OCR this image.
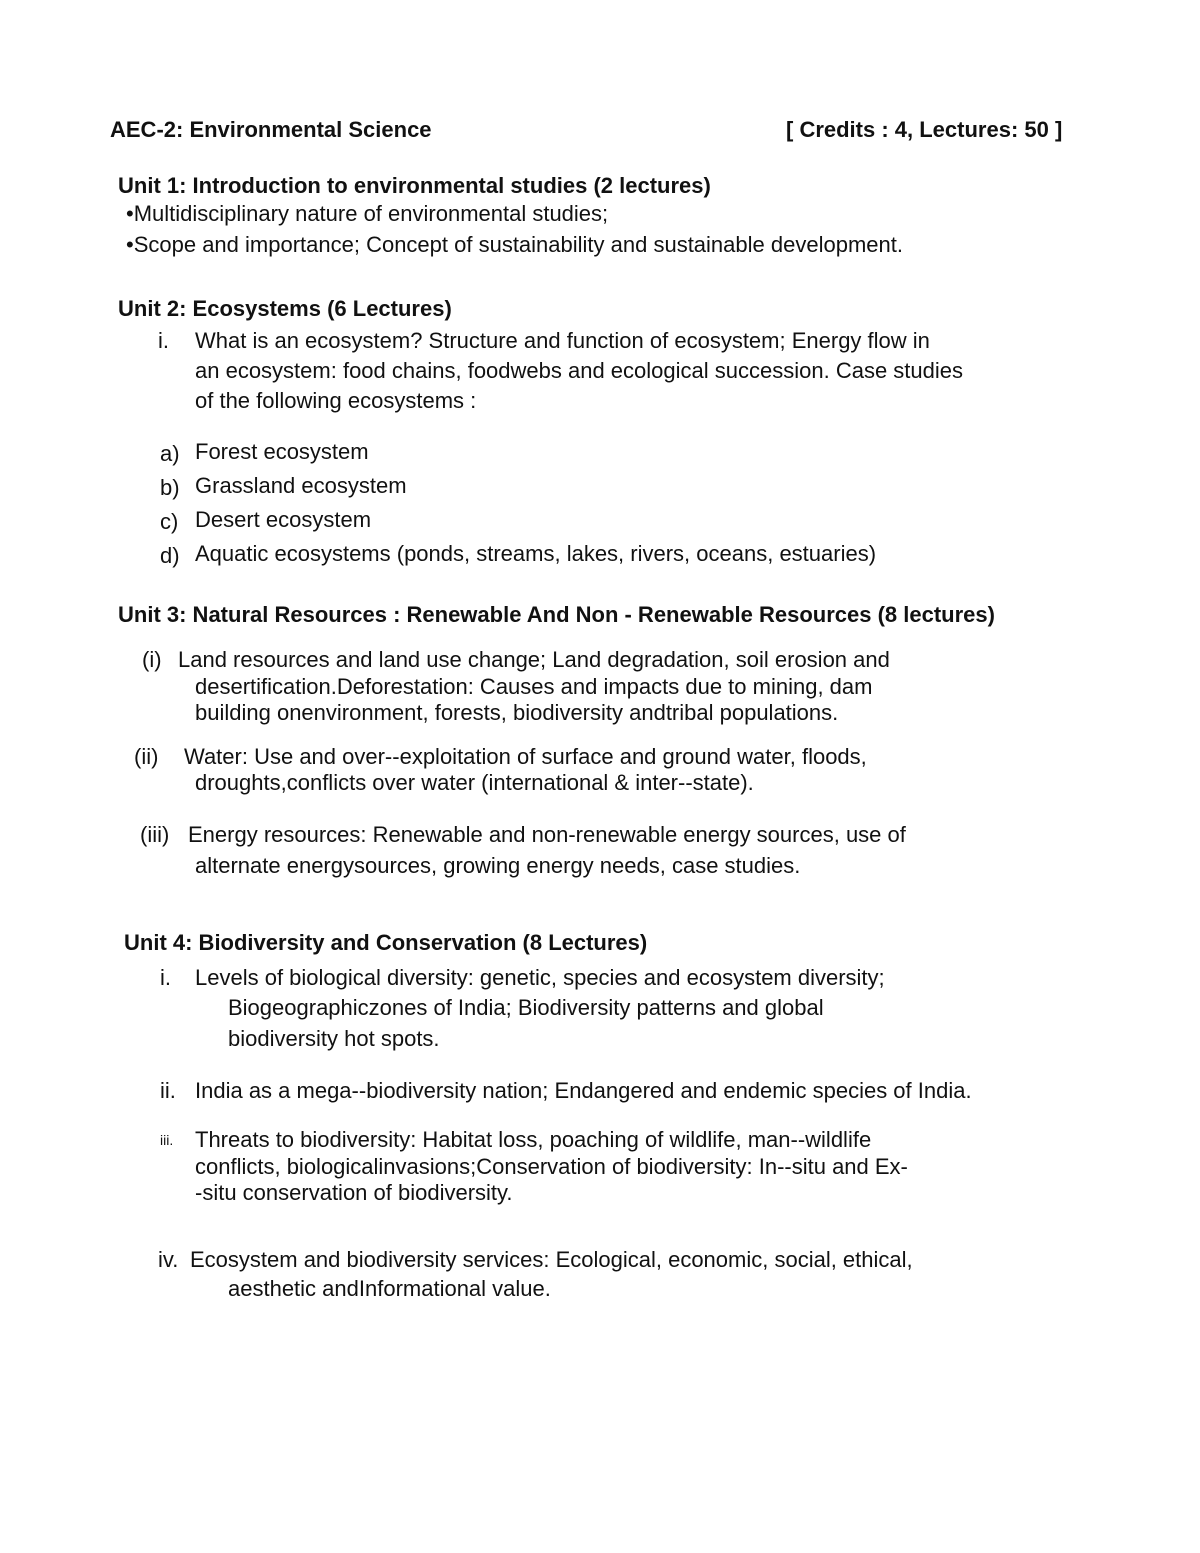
AEC-2: Environmental Science	[ Credits : 4, Lectures: 50 ]
Unit 1: Introduction to environmental studies (2 lectures)
•Multidisciplinary nature of environmental studies;
•Scope and importance; Concept of sustainability and sustainable development.
Unit 2: Ecosystems (6 Lectures)
i. What is an ecosystem? Structure and function of ecosystem; Energy flow in
an ecosystem: food chains, foodwebs and ecological succession. Case studies
of the following ecosystems :
a) Forest ecosystem
b) Grassland ecosystem
c) Desert ecosystem
d) Aquatic ecosystems (ponds, streams, lakes, rivers, oceans, estuaries)
Unit 3: Natural Resources : Renewable And Non - Renewable Resources (8 lectures)
(i) Land resources and land use change; Land degradation, soil erosion and
desertification.Deforestation: Causes and impacts due to mining, dam
building onenvironment, forests, biodiversity andtribal populations.
(ii) Water: Use and over--exploitation of surface and ground water, floods,
droughts,conflicts over water (international & inter--state).
(iii) Energy resources: Renewable and non-renewable energy sources, use of
alternate energysources, growing energy needs, case studies.
Unit 4: Biodiversity and Conservation (8 Lectures)
i. Levels of biological diversity: genetic, species and ecosystem diversity;
Biogeographiczones of India; Biodiversity patterns and global
biodiversity hot spots.
ii. India as a mega--biodiversity nation; Endangered and endemic species of India.
iii. Threats to biodiversity: Habitat loss, poaching of wildlife, man--wildlife
conflicts, biologicalinvasions;Conservation of biodiversity: In--situ and Ex-
-situ conservation of biodiversity.
iv. Ecosystem and biodiversity services: Ecological, economic, social, ethical,
aesthetic andInformational value.
